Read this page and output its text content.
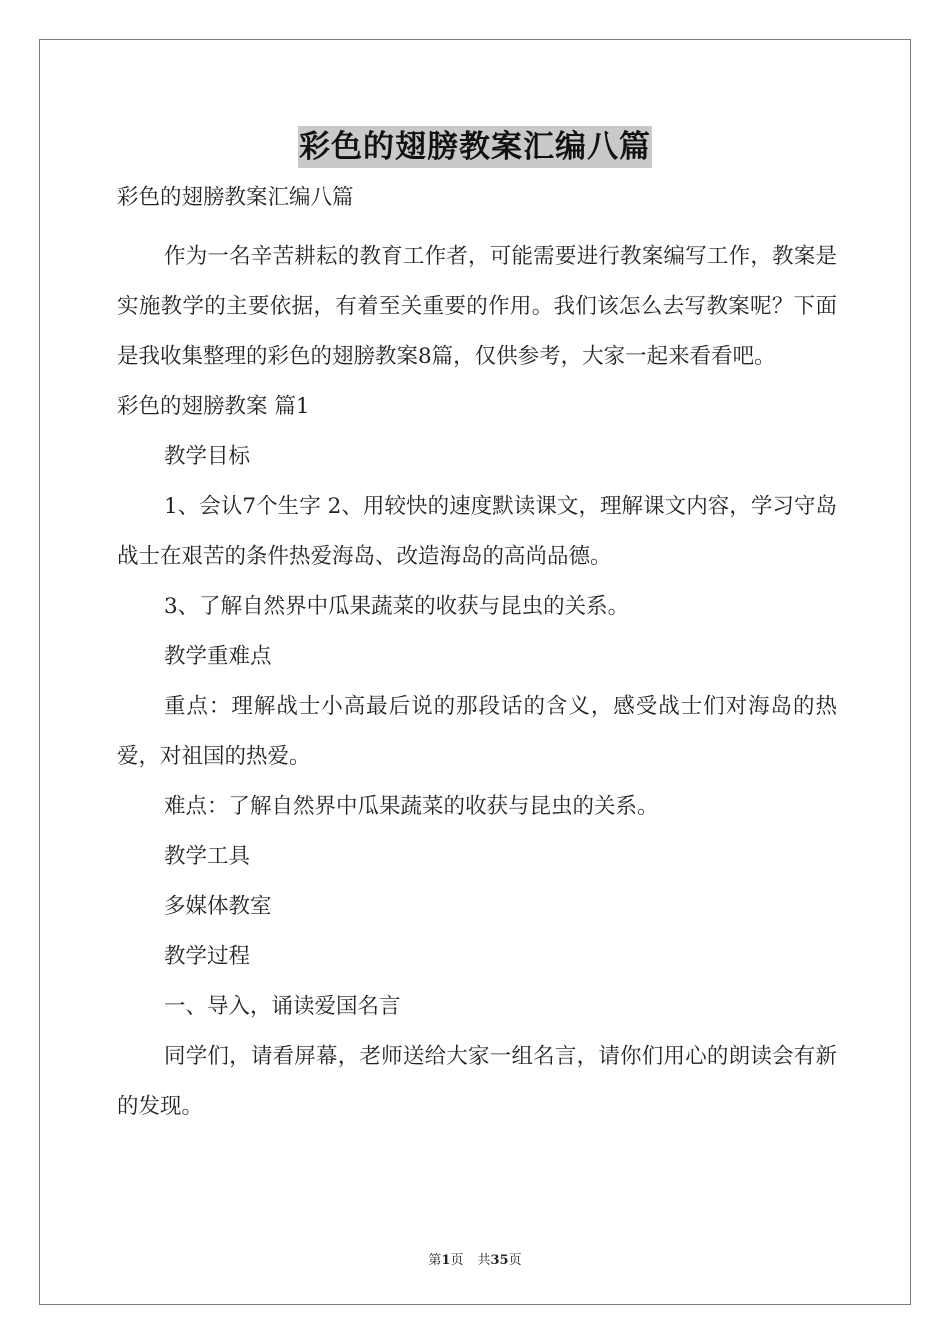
彩色的翅膀教案汇编八篇

彩色的翅膀教案汇编八篇

作为一名辛苦耕耘的教育工作者，可能需要进行教案编写工作，教案是实施教学的主要依据，有着至关重要的作用。我们该怎么去写教案呢？下面是我收集整理的彩色的翅膀教案8篇，仅供参考，大家一起来看看吧。

彩色的翅膀教案 篇1

教学目标

1、会认7个生字 2、用较快的速度默读课文，理解课文内容，学习守岛战士在艰苦的条件热爱海岛、改造海岛的高尚品德。

3、了解自然界中瓜果蔬菜的收获与昆虫的关系。

教学重难点

重点：理解战士小高最后说的那段话的含义，感受战士们对海岛的热爱，对祖国的热爱。

难点：了解自然界中瓜果蔬菜的收获与昆虫的关系。

教学工具

多媒体教室

教学过程

一、导入，诵读爱国名言

同学们，请看屏幕，老师送给大家一组名言，请你们用心的朗读会有新的发现。

第1页 共35页
